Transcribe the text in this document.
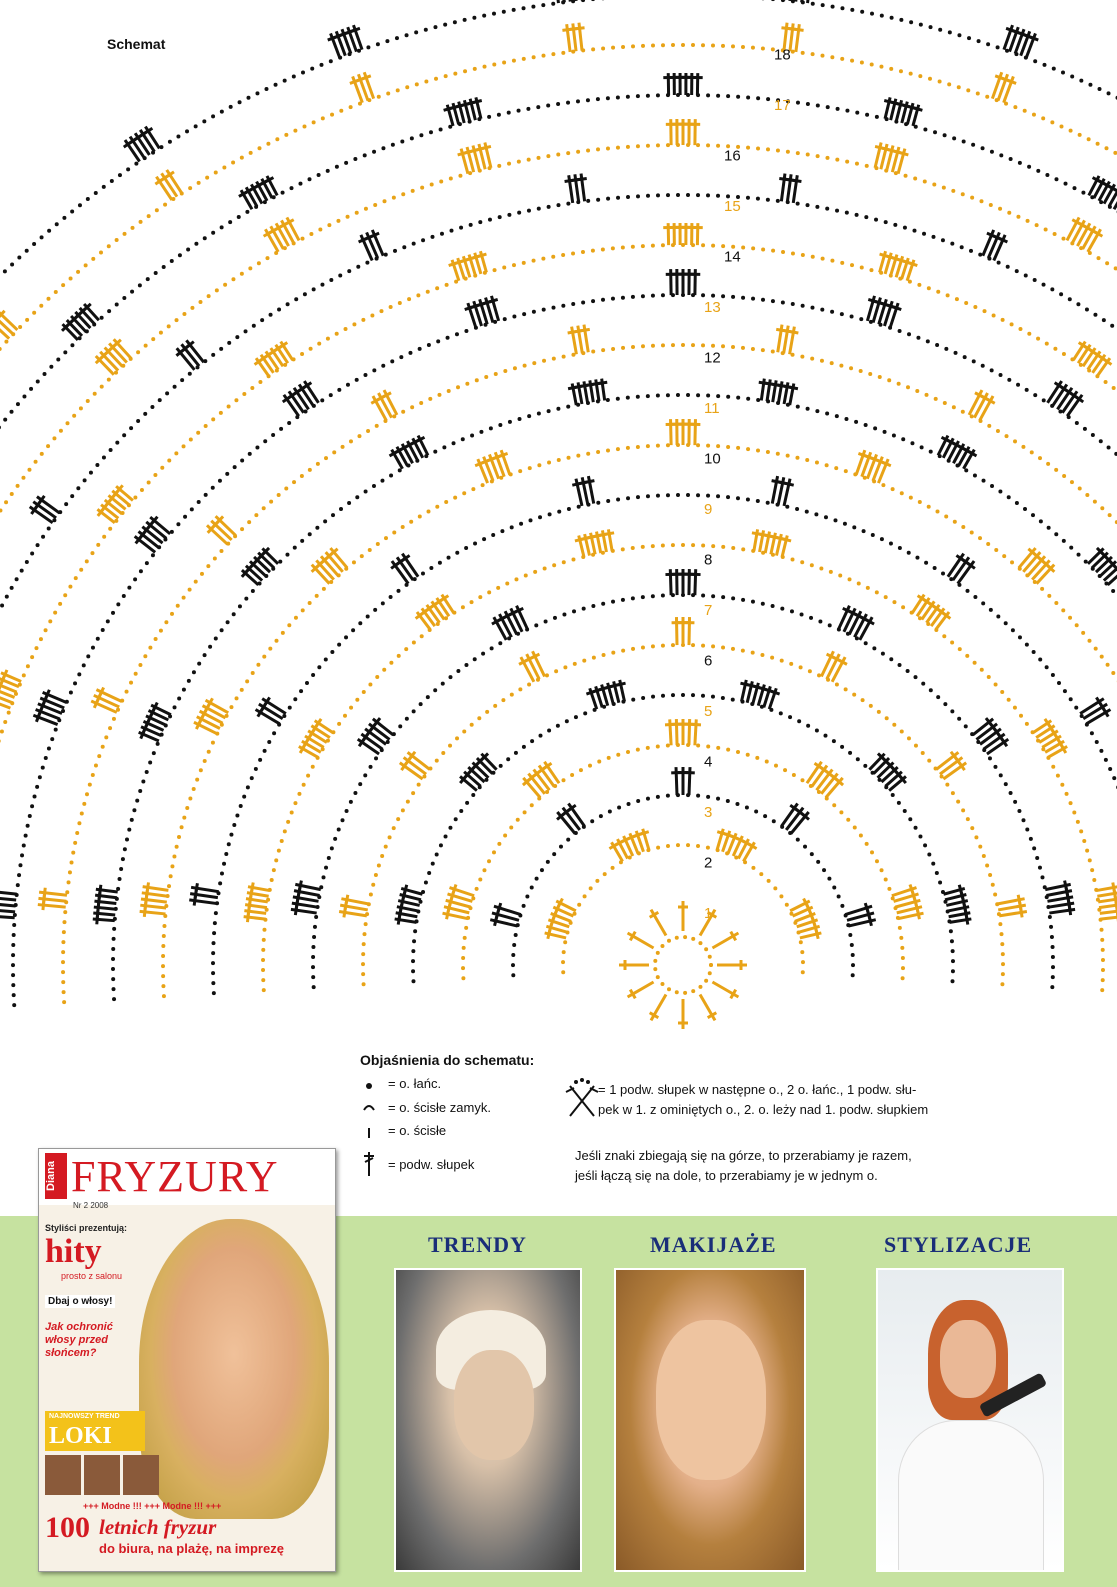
Schemat
1
2
3
4
5
6
7
8
9
10
11
12
13
14
15
16
17
18
Objaśnienia do schematu:
= o. łańc.
= o. ścisłe zamyk.
= o. ścisłe
= podw. słupek
= 1 podw. słupek w następne o., 2 o. łańc., 1 podw. słu-
pek w 1. z ominiętych o., 2. o. leży nad 1. podw. słupkiem
Jeśli znaki zbiegają się na górze, to przerabiamy je razem,
jeśli łączą się na dole, to przerabiamy je w jednym o.
Diana FRYZURY
Nr 2 2008
Styliści prezentują:
hity
prosto z salonu
Dbaj o włosy!
Jak ochronić włosy przed słońcem?
NAJNOWSZY TREND
LOKI
+++ Modne !!! +++ Modne !!! +++
100 letnich fryzur
do biura, na plażę, na imprezę
TRENDY	MAKIJAŻE	STYLIZACJE
